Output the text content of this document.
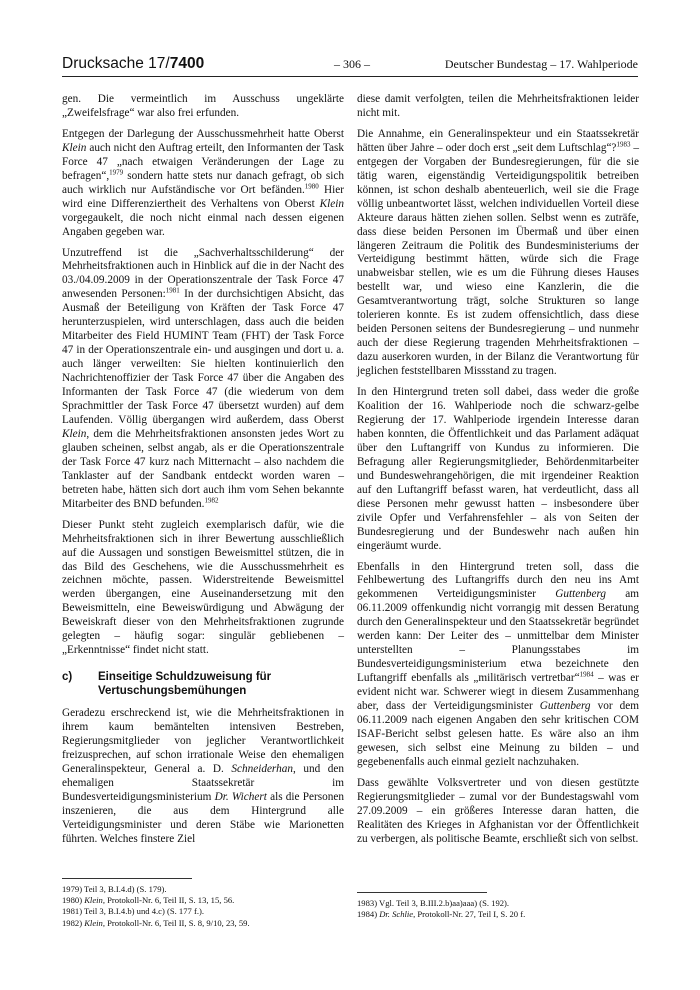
Drucksache 17/7400	– 306 –	Deutscher Bundestag – 17. Wahlperiode

gen. Die vermeintlich im Ausschuss ungeklärte „Zweifelsfrage“ war also frei erfunden.

Entgegen der Darlegung der Ausschussmehrheit hatte Oberst Klein auch nicht den Auftrag erteilt, den Informanten der Task Force 47 „nach etwaigen Veränderungen der Lage zu befragen“,$^{1979}$ sondern hatte stets nur danach gefragt, ob sich auch wirklich nur Aufständische vor Ort befänden.$^{1980}$ Hier wird eine Differenziertheit des Verhaltens von Oberst Klein vorgegaukelt, die noch nicht einmal nach dessen eigenen Angaben gegeben war.

Unzutreffend ist die „Sachverhaltsschilderung“ der Mehrheitsfraktionen auch in Hinblick auf die in der Nacht des 03./04.09.2009 in der Operationszentrale der Task Force 47 anwesenden Personen:$^{1981}$ In der durchsichtigen Absicht, das Ausmaß der Beteiligung von Kräften der Task Force 47 herunterzuspielen, wird unterschlagen, dass auch die beiden Mitarbeiter des Field HUMINT Team (FHT) der Task Force 47 in der Operationszentrale ein- und ausgingen und dort u. a. auch länger verweilten: Sie hielten kontinuierlich den Nachrichtenoffizier der Task Force 47 über die Angaben des Informanten der Task Force 47 (die wiederum von dem Sprachmittler der Task Force 47 übersetzt wurden) auf dem Laufenden. Völlig übergangen wird außerdem, dass Oberst Klein, dem die Mehrheitsfraktionen ansonsten jedes Wort zu glauben scheinen, selbst angab, als er die Operationszentrale der Task Force 47 kurz nach Mitternacht – also nachdem die Tanklaster auf der Sandbank entdeckt worden waren – betreten habe, hätten sich dort auch ihm vom Sehen bekannte Mitarbeiter des BND befunden.$^{1982}$

Dieser Punkt steht zugleich exemplarisch dafür, wie die Mehrheitsfraktionen sich in ihrer Bewertung ausschließlich auf die Aussagen und sonstigen Beweismittel stützen, die in das Bild des Geschehens, wie die Ausschussmehrheit es zeichnen möchte, passen. Widerstreitende Beweismittel werden übergangen, eine Auseinandersetzung mit den Beweismitteln, eine Beweiswürdigung und Abwägung der Beweiskraft dieser von den Mehrheitsfraktionen zugrunde gelegten – häufig sogar: singulär gebliebenen – „Erkenntnisse“ findet nicht statt.

c)	Einseitige Schuldzuweisung für Vertuschungsbemühungen

Geradezu erschreckend ist, wie die Mehrheitsfraktionen in ihrem kaum bemäntelten intensiven Bestreben, Regierungsmitglieder von jeglicher Verantwortlichkeit freizusprechen, auf schon irrationale Weise den ehemaligen Generalinspekteur, General a. D. Schneiderhan, und den ehemaligen Staatssekretär im Bundesverteidigungsministerium Dr. Wichert als die Personen inszenieren, die aus dem Hintergrund alle Verteidigungsminister und deren Stäbe wie Marionetten führten. Welches finstere Ziel

diese damit verfolgten, teilen die Mehrheitsfraktionen leider nicht mit.

Die Annahme, ein Generalinspekteur und ein Staatssekretär hätten über Jahre – oder doch erst „seit dem Luftschlag“?$^{1983}$ – entgegen der Vorgaben der Bundesregierungen, für die sie tätig waren, eigenständig Verteidigungspolitik betreiben können, ist schon deshalb abenteuerlich, weil sie die Frage völlig unbeantwortet lässt, welchen individuellen Vorteil diese Akteure daraus hätten ziehen sollen. Selbst wenn es zuträfe, dass diese beiden Personen im Übermaß und über einen längeren Zeitraum die Politik des Bundesministeriums der Verteidigung bestimmt hätten, würde sich die Frage unabweisbar stellen, wie es um die Führung dieses Hauses bestellt war, und wieso eine Kanzlerin, die die Gesamtverantwortung trägt, solche Strukturen so lange tolerieren konnte. Es ist zudem offensichtlich, dass diese beiden Personen seitens der Bundesregierung – und nunmehr auch der diese Regierung tragenden Mehrheitsfraktionen – dazu auserkoren wurden, in der Bilanz die Verantwortung für jeglichen feststellbaren Missstand zu tragen.

In den Hintergrund treten soll dabei, dass weder die große Koalition der 16. Wahlperiode noch die schwarz-gelbe Regierung der 17. Wahlperiode irgendein Interesse daran haben konnten, die Öffentlichkeit und das Parlament adäquat über den Luftangriff von Kundus zu informieren. Die Befragung aller Regierungsmitglieder, Behördenmitarbeiter und Bundeswehrangehörigen, die mit irgendeiner Reaktion auf den Luftangriff befasst waren, hat verdeutlicht, dass all diese Personen mehr gewusst hatten – insbesondere über zivile Opfer und Verfahrensfehler – als von Seiten der Bundesregierung und der Bundeswehr nach außen hin eingeräumt wurde.

Ebenfalls in den Hintergrund treten soll, dass die Fehlbewertung des Luftangriffs durch den neu ins Amt gekommenen Verteidigungsminister Guttenberg am 06.11.2009 offenkundig nicht vorrangig mit dessen Beratung durch den Generalinspekteur und den Staatssekretär begründet werden kann: Der Leiter des – unmittelbar dem Minister unterstellten – Planungsstabes im Bundesverteidigungsministerium etwa bezeichnete den Luftangriff ebenfalls als „militärisch vertretbar“$^{1984}$ – was er evident nicht war. Schwerer wiegt in diesem Zusammenhang aber, dass der Verteidigungsminister Guttenberg vor dem 06.11.2009 nach eigenen Angaben den sehr kritischen COM ISAF-Bericht selbst gelesen hatte. Es wäre also an ihm gewesen, sich selbst eine Meinung zu bilden – und gegebenenfalls auch einmal gezielt nachzuhaken.

Dass gewählte Volksvertreter und von diesen gestützte Regierungsmitglieder – zumal vor der Bundestagswahl vom 27.09.2009 – ein größeres Interesse daran hatten, die Realitäten des Krieges in Afghanistan vor der Öffentlichkeit zu verbergen, als politische Beamte, erschließt sich von selbst.

1979) Teil 3, B.I.4.d) (S. 179).
1980) Klein, Protokoll-Nr. 6, Teil II, S. 13, 15, 56.
1981) Teil 3, B.I.4.b) und 4.c) (S. 177 f.).
1982) Klein, Protokoll-Nr. 6, Teil II, S. 8, 9/10, 23, 59.
1983) Vgl. Teil 3, B.III.2.b)aa)aaa) (S. 192).
1984) Dr. Schlie, Protokoll-Nr. 27, Teil I, S. 20 f.
